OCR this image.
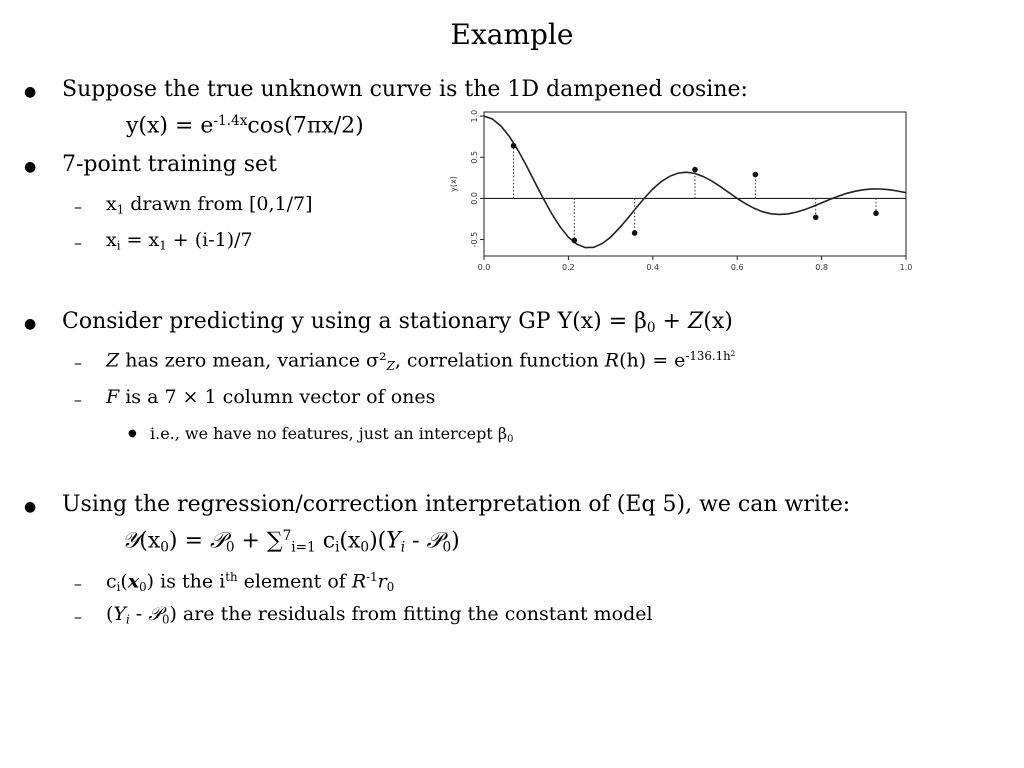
Example
● Suppose the true unknown curve is the 1D dampened cosine:
$y(x) = e^{-1.4x}\cos(7\pi x/2)$
● 7-point training set
– $x_1$ drawn from [0,1/7]
– $x_i = x_1 + (i-1)/7$
0.0	0.2	0.4	0.6	0.8	1.0
-0.5
0.0
0.5
1.0
y(x)
● Consider predicting y using a stationary GP $Y(x) = \beta_0 + Z(x)$
– Z has zero mean, variance $\sigma^2_Z$, correlation function $R(h) = e^{-136.1h^2}$
– F is a 7 × 1 column vector of ones
● i.e., we have no features, just an intercept $\beta_0$
● Using the regression/correction interpretation of (Eq 5), we can write:
$𝒴(x_0)$ = 𝒫$_0$ + ∑$^7_{i=1}$ $c_i(x_0)(Y_i$ - 𝒫$_0$)
– $c_i(x_0)$ is the $i^{th}$ element of $R^{-1}r_0$
– ($Y_i$ - 𝒫$_0$) are the residuals from fitting the constant model
